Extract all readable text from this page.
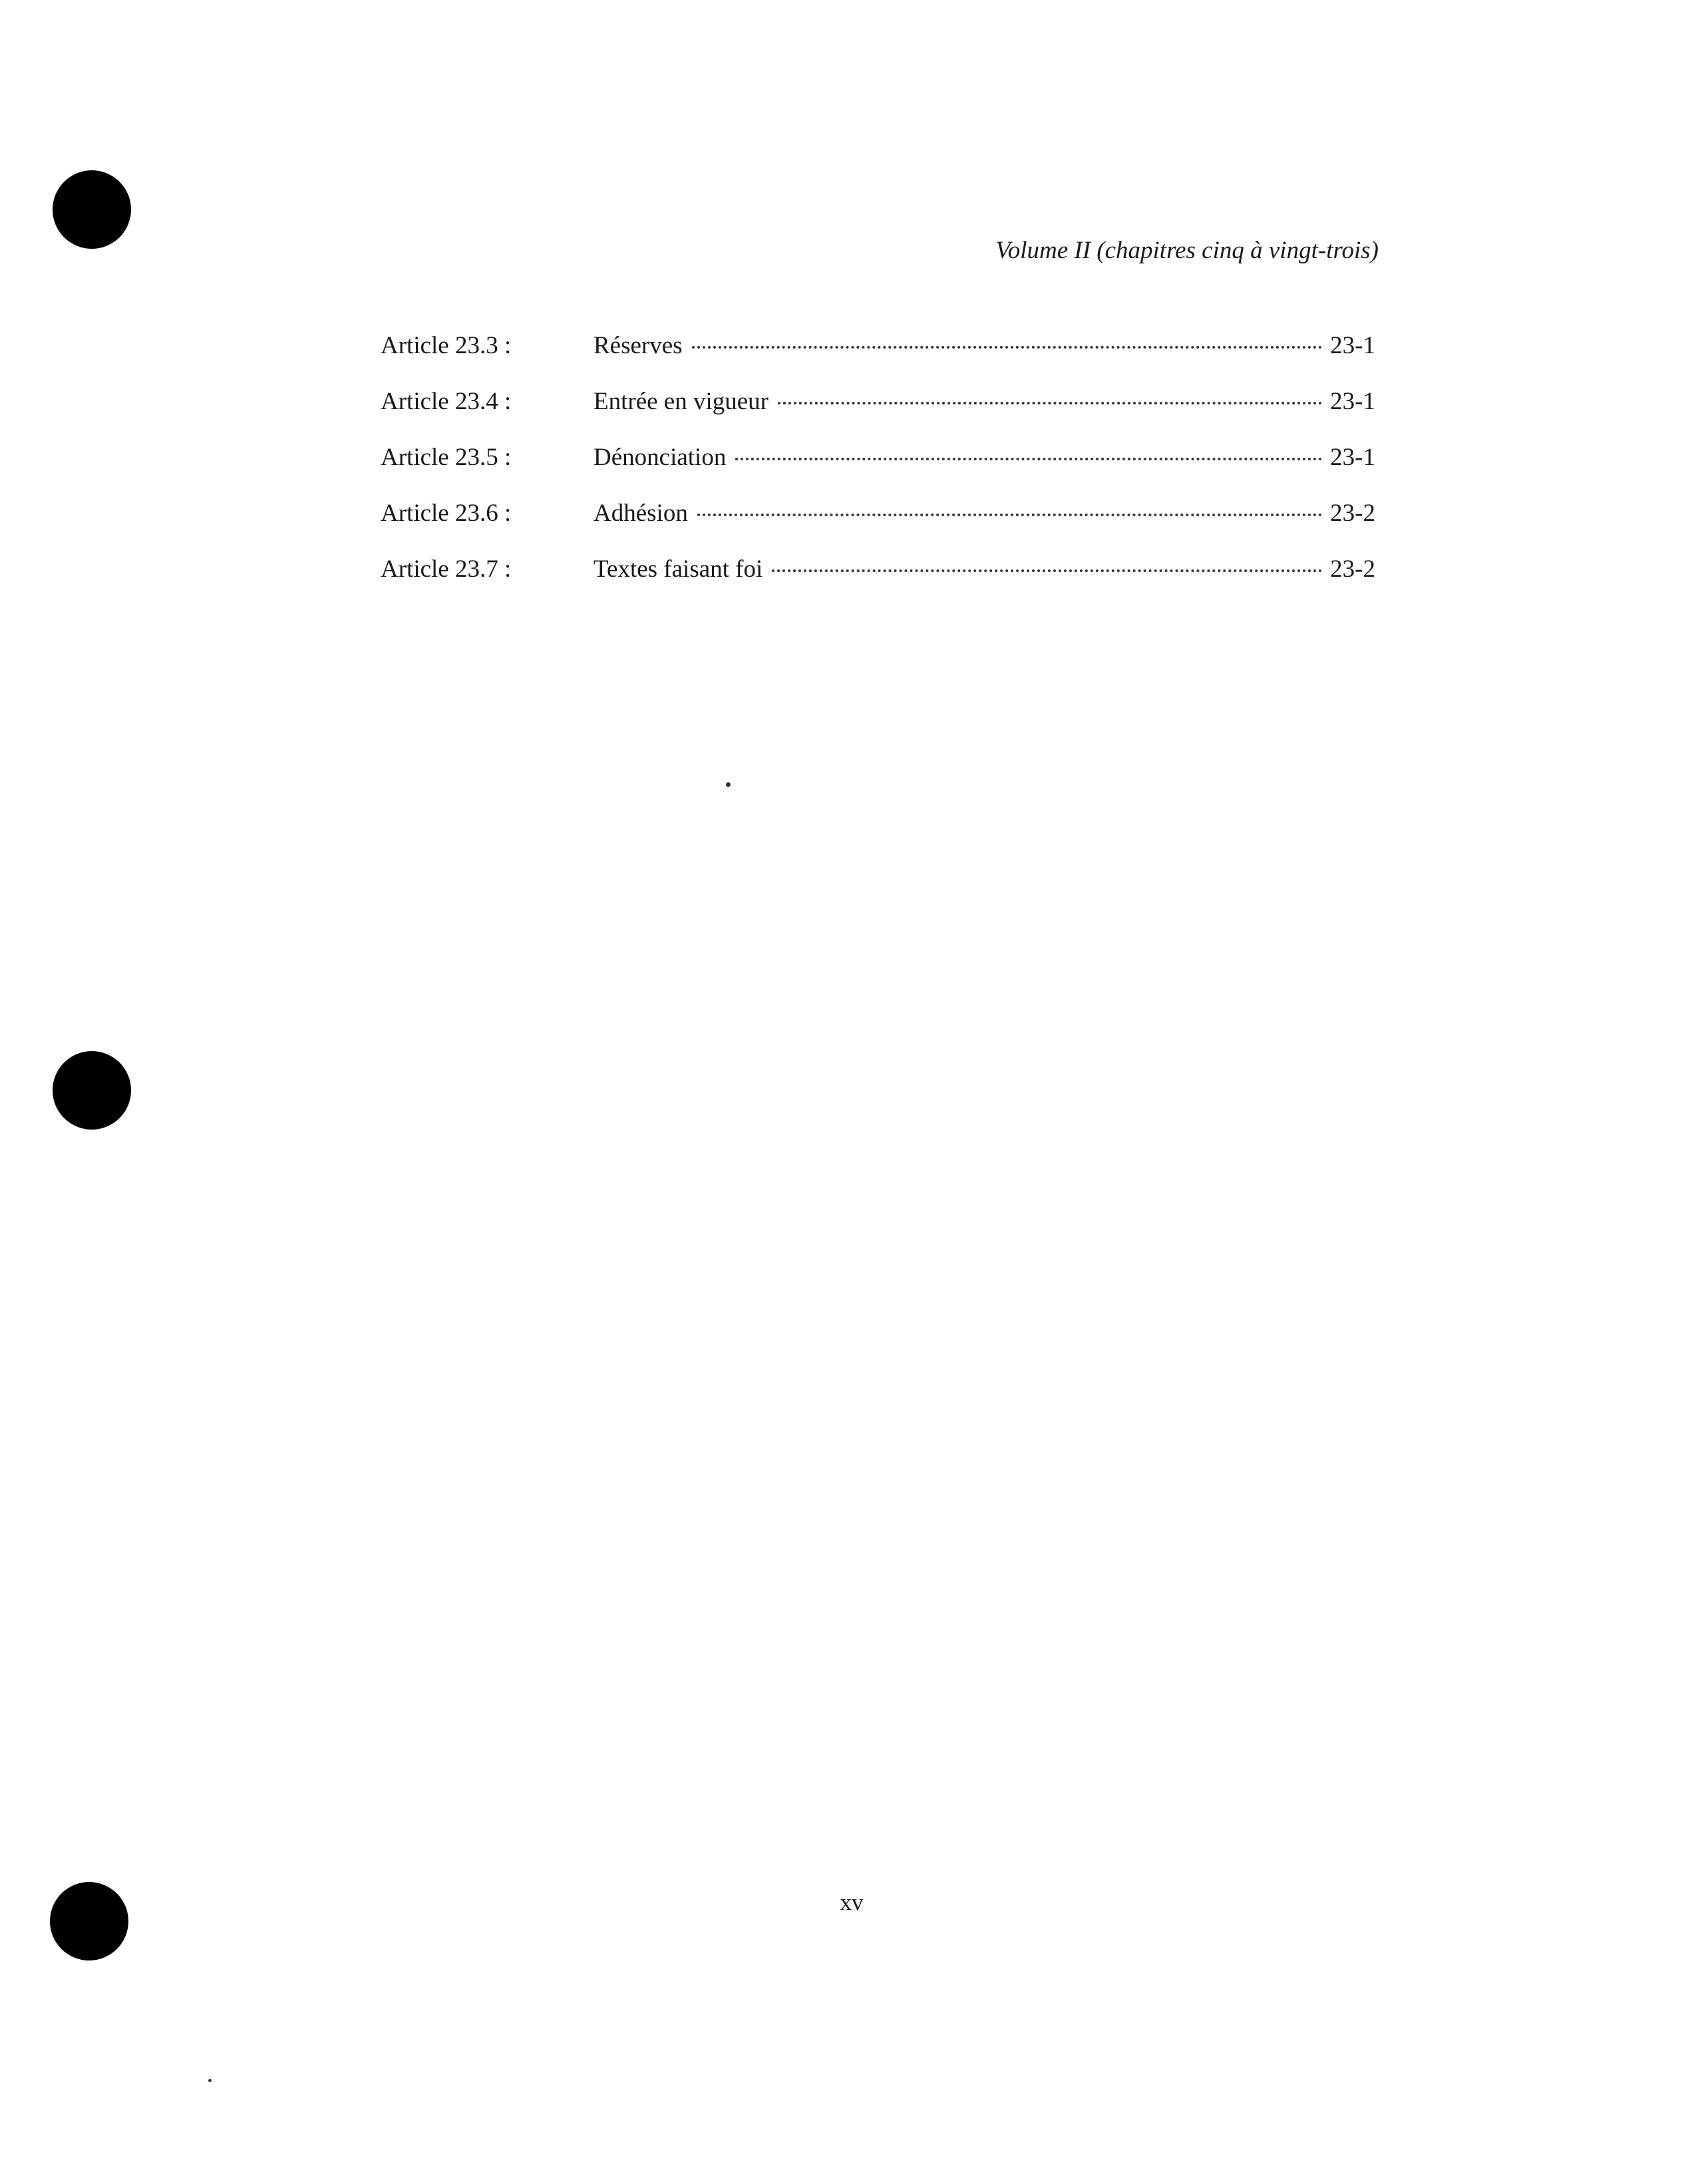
Volume II (chapitres cinq à vingt-trois)
Article 23.3 :	Réserves	23-1
Article 23.4 :	Entrée en vigueur	23-1
Article 23.5 :	Dénonciation	23-1
Article 23.6 :	Adhésion	23-2
Article 23.7 :	Textes faisant foi	23-2
xv
